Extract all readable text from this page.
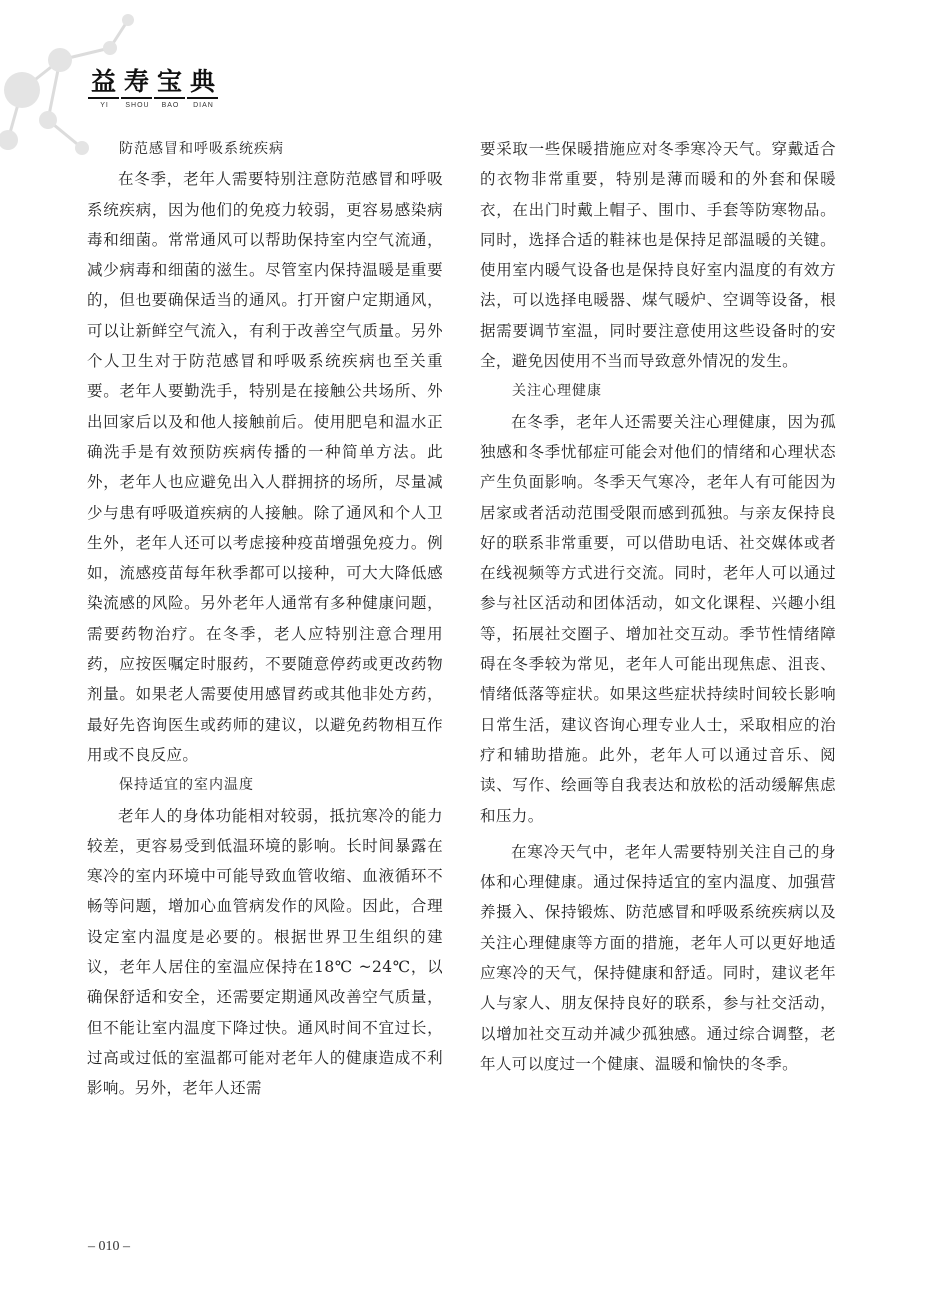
益 寿 宝 典
YI	SHOU	BAO	DIAN
防范感冒和呼吸系统疾病

在冬季，老年人需要特别注意防范感冒和呼吸系统疾病，因为他们的免疫力较弱，更容易感染病毒和细菌。常常通风可以帮助保持室内空气流通，减少病毒和细菌的滋生。尽管室内保持温暖是重要的，但也要确保适当的通风。打开窗户定期通风，可以让新鲜空气流入，有利于改善空气质量。另外个人卫生对于防范感冒和呼吸系统疾病也至关重要。老年人要勤洗手，特别是在接触公共场所、外出回家后以及和他人接触前后。使用肥皂和温水正确洗手是有效预防疾病传播的一种简单方法。此外，老年人也应避免出入人群拥挤的场所，尽量减少与患有呼吸道疾病的人接触。除了通风和个人卫生外，老年人还可以考虑接种疫苗增强免疫力。例如，流感疫苗每年秋季都可以接种，可大大降低感染流感的风险。另外老年人通常有多种健康问题，需要药物治疗。在冬季，老人应特别注意合理用药，应按医嘱定时服药，不要随意停药或更改药物剂量。如果老人需要使用感冒药或其他非处方药，最好先咨询医生或药师的建议，以避免药物相互作用或不良反应。

保持适宜的室内温度

老年人的身体功能相对较弱，抵抗寒冷的能力较差，更容易受到低温环境的影响。长时间暴露在寒冷的室内环境中可能导致血管收缩、血液循环不畅等问题，增加心血管病发作的风险。因此，合理设定室内温度是必要的。根据世界卫生组织的建议，老年人居住的室温应保持在18℃ ~24℃，以确保舒适和安全，还需要定期通风改善空气质量，但不能让室内温度下降过快。通风时间不宜过长，过高或过低的室温都可能对老年人的健康造成不利影响。另外，老年人还需

要采取一些保暖措施应对冬季寒冷天气。穿戴适合的衣物非常重要，特别是薄而暖和的外套和保暖衣，在出门时戴上帽子、围巾、手套等防寒物品。同时，选择合适的鞋袜也是保持足部温暖的关键。使用室内暖气设备也是保持良好室内温度的有效方法，可以选择电暖器、煤气暖炉、空调等设备，根据需要调节室温，同时要注意使用这些设备时的安全，避免因使用不当而导致意外情况的发生。

关注心理健康

在冬季，老年人还需要关注心理健康，因为孤独感和冬季忧郁症可能会对他们的情绪和心理状态产生负面影响。冬季天气寒冷，老年人有可能因为居家或者活动范围受限而感到孤独。与亲友保持良好的联系非常重要，可以借助电话、社交媒体或者在线视频等方式进行交流。同时，老年人可以通过参与社区活动和团体活动，如文化课程、兴趣小组等，拓展社交圈子、增加社交互动。季节性情绪障碍在冬季较为常见，老年人可能出现焦虑、沮丧、情绪低落等症状。如果这些症状持续时间较长影响日常生活，建议咨询心理专业人士，采取相应的治疗和辅助措施。此外，老年人可以通过音乐、阅读、写作、绘画等自我表达和放松的活动缓解焦虑和压力。

在寒冷天气中，老年人需要特别关注自己的身体和心理健康。通过保持适宜的室内温度、加强营养摄入、保持锻炼、防范感冒和呼吸系统疾病以及关注心理健康等方面的措施，老年人可以更好地适应寒冷的天气，保持健康和舒适。同时，建议老年人与家人、朋友保持良好的联系，参与社交活动，以增加社交互动并减少孤独感。通过综合调整，老年人可以度过一个健康、温暖和愉快的冬季。

– 010 –
